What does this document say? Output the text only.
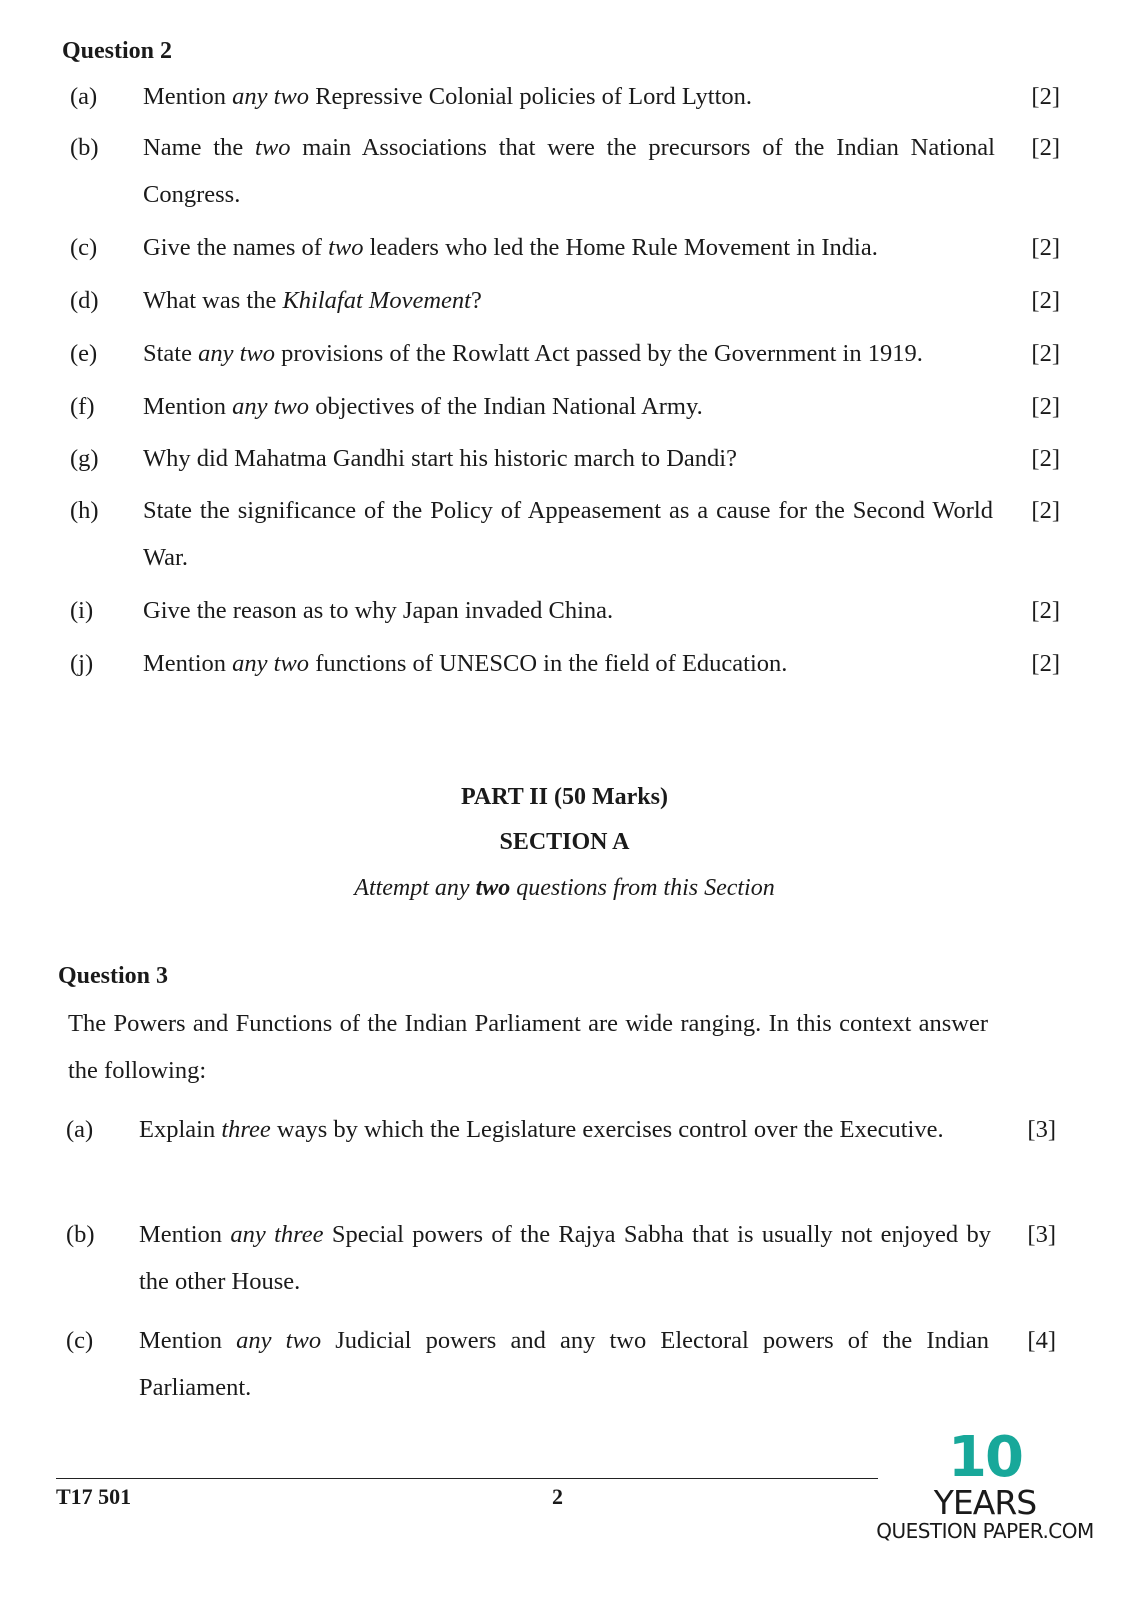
Question 2
(a) Mention any two Repressive Colonial policies of Lord Lytton.	[2]
(b) Name the two main Associations that were the precursors of the Indian National Congress.
[2]
(c) Give the names of two leaders who led the Home Rule Movement in India.	[2]
(d) What was the Khilafat Movement?	[2]
(e) State any two provisions of the Rowlatt Act passed by the Government in 1919.	[2]
(f) Mention any two objectives of the Indian National Army.	[2]
(g) Why did Mahatma Gandhi start his historic march to Dandi?	[2]
(h) State the significance of the Policy of Appeasement as a cause for the Second World War.
[2]
(i) Give the reason as to why Japan invaded China.	[2]
(j) Mention any two functions of UNESCO in the field of Education.	[2]
PART II (50 Marks)
SECTION A
Attempt any two questions from this Section
Question 3
The Powers and Functions of the Indian Parliament are wide ranging. In this context answer the following:
(a) Explain three ways by which the Legislature exercises control over the Executive.	[3]
(b) Mention any three Special powers of the Rajya Sabha that is usually not enjoyed by the other House.
[3]
(c) Mention any two Judicial powers and any two Electoral powers of the Indian Parliament.
[4]
T17 501	2
10
YEARS
QUESTION PAPER.COM
